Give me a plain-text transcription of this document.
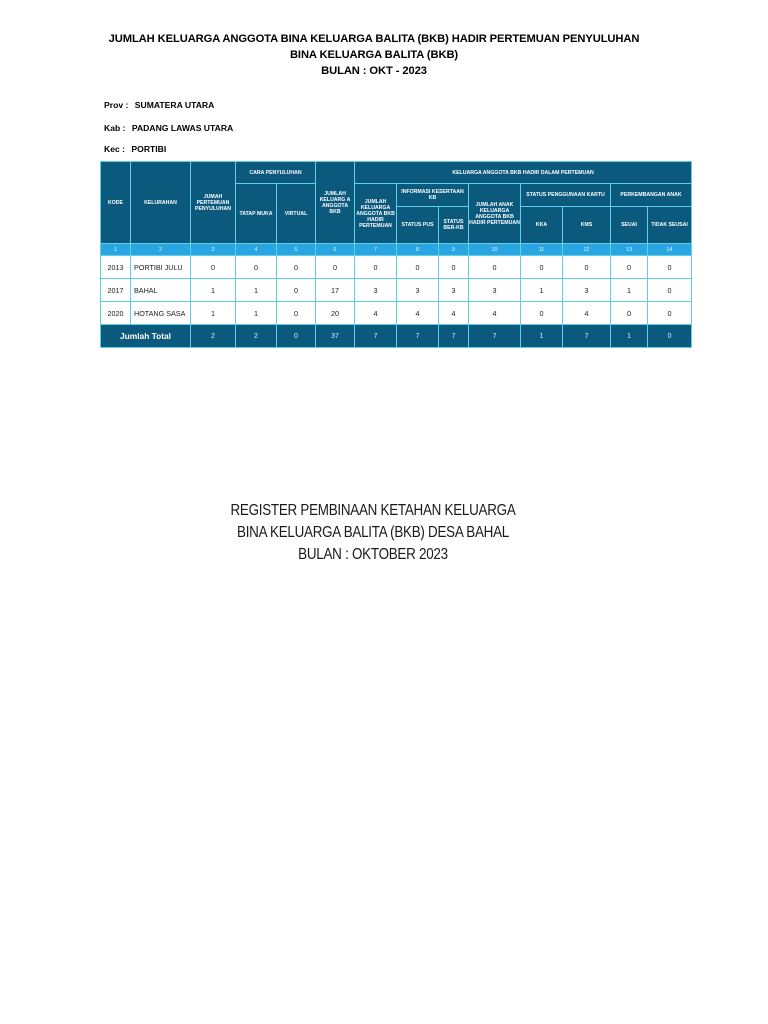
JUMLAH KELUARGA ANGGOTA BINA KELUARGA BALITA (BKB) HADIR PERTEMUAN PENYULUHAN
BINA KELUARGA BALITA (BKB)
BULAN : OKT - 2023
Prov : SUMATERA UTARA
Kab : PADANG LAWAS UTARA
Kec : PORTIBI
KODE	KELURAHAN	JUMAH PERTEMUAN PENYULUHAN	CARA PENYULUHAN		JUMLAH KELUARG A ANGGOTA BKB	KELUARGA ANGGOTA BKB HADIR DALAM PERTEMUAN							
			TATAP MUKA	VIRTUAL		JUMLAH KELUARGA ANGGOTA BKB HADIR PERTEMUAN	INFORMASI KESERTAAN KB		JUMLAH ANAK KELUARGA ANGGOTA BKB HADIR PERTEMUAN	STATUS PENGGUNAAN KARTU		PERKEMBANGAN ANAK	
							STATUS PUS	STATUS BER-KB		KKA	KMS	SEUAI	TIDAK SEUSAI
1	2	3	4	5	6	7	8	9	10	11	12	13	14
2013	PORTIBI JULU	0	0	0	0	0	0	0	0	0	0	0	0
2017	BAHAL	1	1	0	17	3	3	3	3	1	3	1	0
2020	HOTANG SASA	1	1	0	20	4	4	4	4	0	4	0	0
Jumlah Total		2	2	0	37	7	7	7	7	1	7	1	0
REGISTER PEMBINAAN KETAHAN KELUARGA
BINA KELUARGA BALITA (BKB) DESA BAHAL
BULAN : OKTOBER 2023
